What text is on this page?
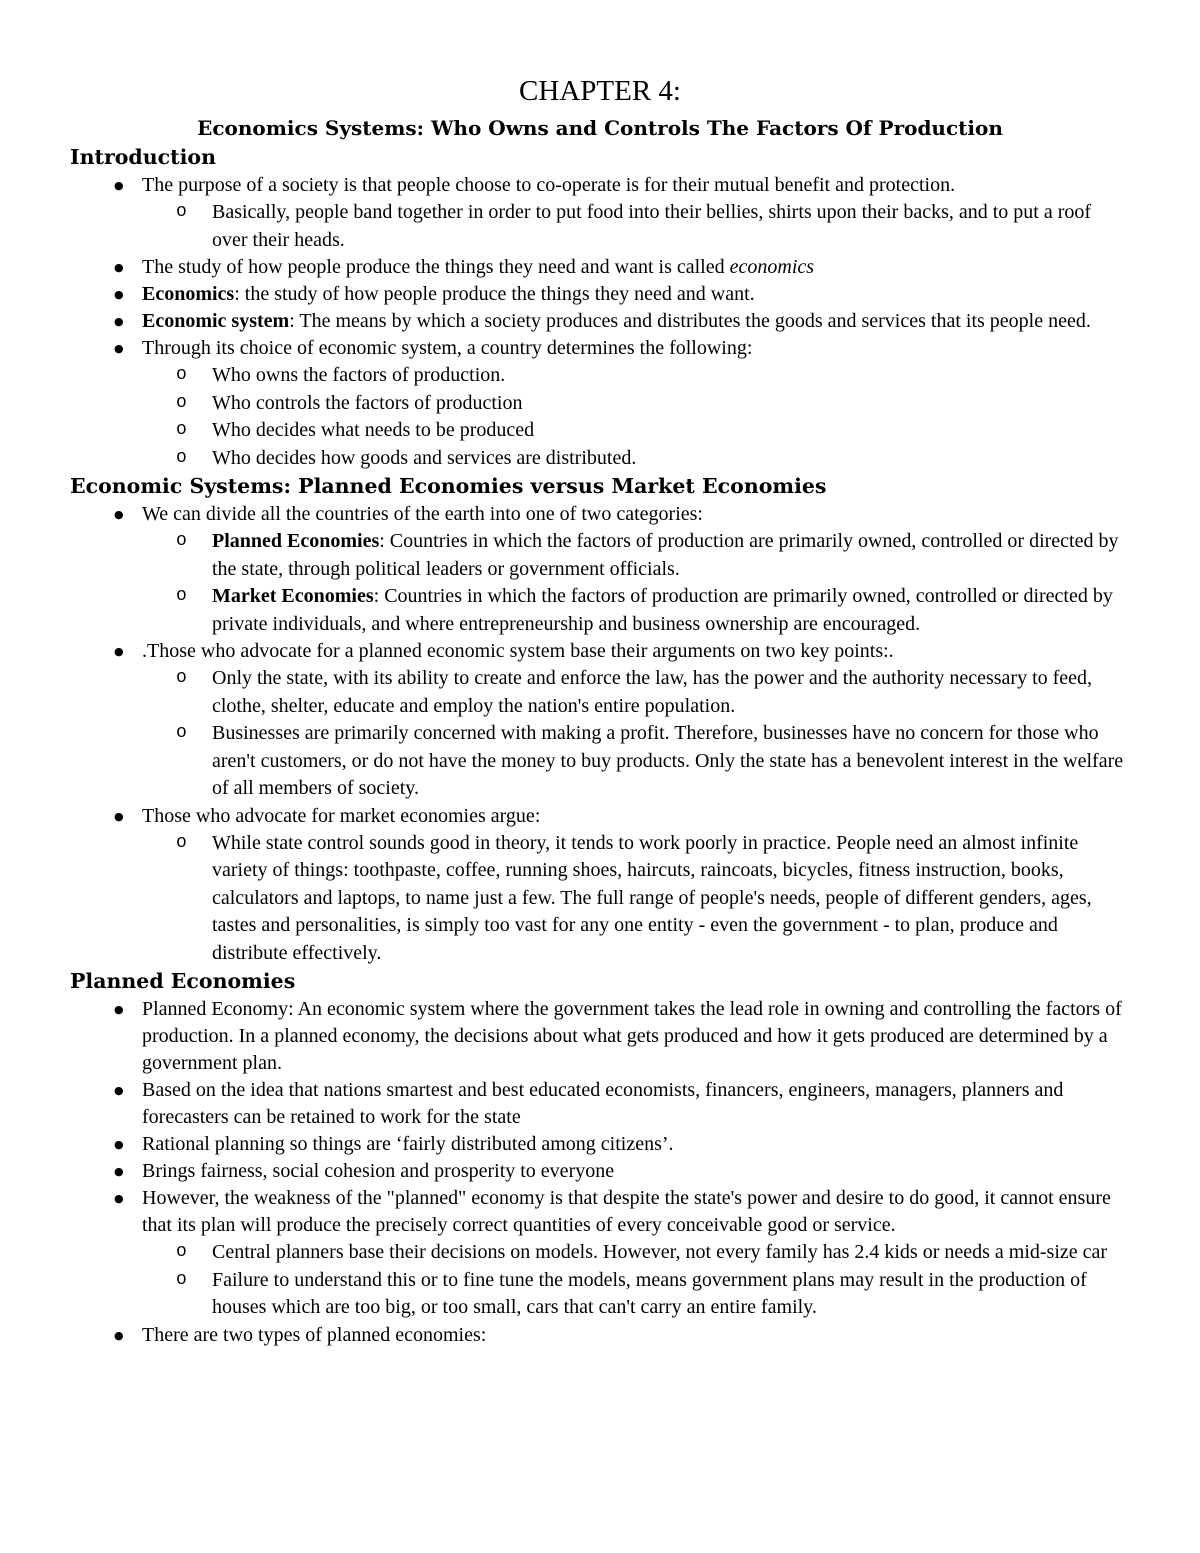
CHAPTER 4:
Economics Systems: Who Owns and Controls The Factors Of Production
Introduction
● The purpose of a society is that people choose to co-operate is for their mutual benefit and protection.
o Basically, people band together in order to put food into their bellies, shirts upon their backs, and to put a roof over their heads.
● The study of how people produce the things they need and want is called economics
● Economics: the study of how people produce the things they need and want.
● Economic system: The means by which a society produces and distributes the goods and services that its people need.
● Through its choice of economic system, a country determines the following:
o Who owns the factors of production.
o Who controls the factors of production
o Who decides what needs to be produced
o Who decides how goods and services are distributed.
Economic Systems: Planned Economies versus Market Economies
● We can divide all the countries of the earth into one of two categories:
o Planned Economies: Countries in which the factors of production are primarily owned, controlled or directed by the state, through political leaders or government officials.
o Market Economies: Countries in which the factors of production are primarily owned, controlled or directed by private individuals, and where entrepreneurship and business ownership are encouraged.
● .Those who advocate for a planned economic system base their arguments on two key points:.
o Only the state, with its ability to create and enforce the law, has the power and the authority necessary to feed, clothe, shelter, educate and employ the nation's entire population.
o Businesses are primarily concerned with making a profit. Therefore, businesses have no concern for those who aren't customers, or do not have the money to buy products. Only the state has a benevolent interest in the welfare of all members of society.
● Those who advocate for market economies argue:
o While state control sounds good in theory, it tends to work poorly in practice. People need an almost infinite variety of things: toothpaste, coffee, running shoes, haircuts, raincoats, bicycles, fitness instruction, books, calculators and laptops, to name just a few. The full range of people's needs, people of different genders, ages, tastes and personalities, is simply too vast for any one entity - even the government - to plan, produce and distribute effectively.
Planned Economies
● Planned Economy: An economic system where the government takes the lead role in owning and controlling the factors of production. In a planned economy, the decisions about what gets produced and how it gets produced are determined by a government plan.
● Based on the idea that nations smartest and best educated economists, financers, engineers, managers, planners and forecasters can be retained to work for the state
● Rational planning so things are ‘fairly distributed among citizens’.
● Brings fairness, social cohesion and prosperity to everyone
● However, the weakness of the "planned" economy is that despite the state's power and desire to do good, it cannot ensure that its plan will produce the precisely correct quantities of every conceivable good or service.
o Central planners base their decisions on models. However, not every family has 2.4 kids or needs a mid-size car
o Failure to understand this or to fine tune the models, means government plans may result in the production of houses which are too big, or too small, cars that can't carry an entire family.
● There are two types of planned economies:
